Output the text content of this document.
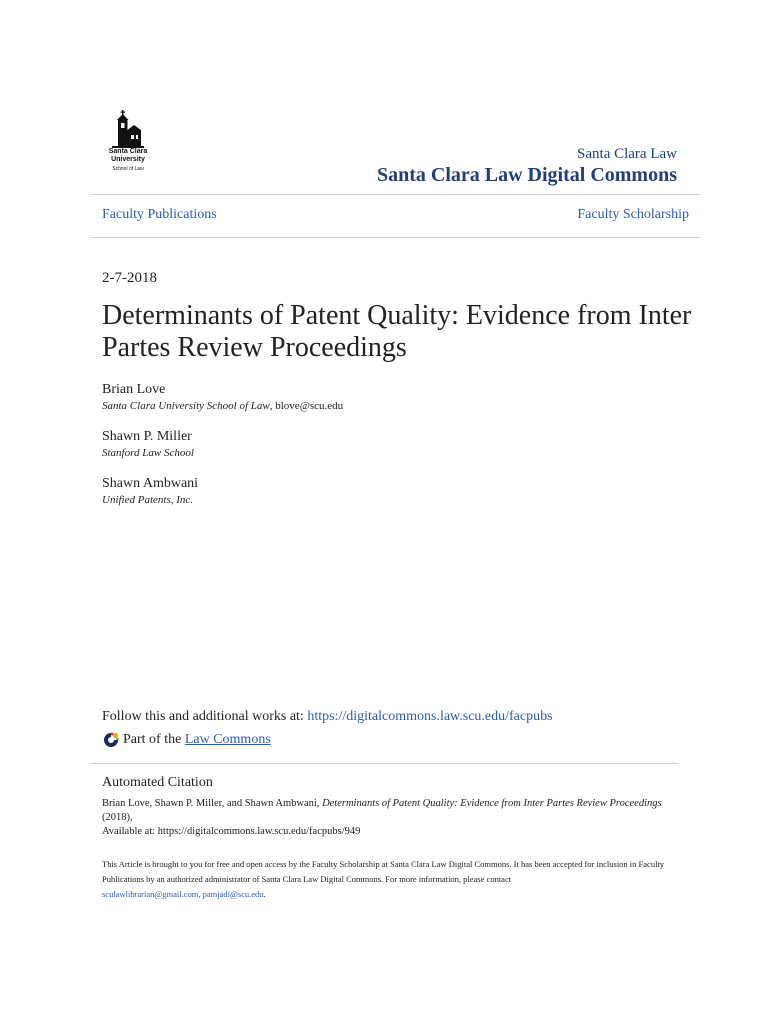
Santa Clara
University
School of Law
Santa Clara Law
Santa Clara Law Digital Commons
Faculty Publications	Faculty Scholarship
2-7-2018
Determinants of Patent Quality: Evidence from Inter Partes Review Proceedings
Brian Love
Santa Clara University School of Law, blove@scu.edu
Shawn P. Miller
Stanford Law School
Shawn Ambwani
Unified Patents, Inc.
Follow this and additional works at: https://digitalcommons.law.scu.edu/facpubs
Part of the
Law Commons
Automated Citation
Brian Love, Shawn P. Miller, and Shawn Ambwani, Determinants of Patent Quality: Evidence from Inter Partes Review Proceedings (2018),
Available at: https://digitalcommons.law.scu.edu/facpubs/949
This Article is brought to you for free and open access by the Faculty Scholarship at Santa Clara Law Digital Commons. It has been accepted for inclusion in Faculty Publications by an authorized administrator of Santa Clara Law Digital Commons. For more information, please contact
sculawlibrarian@gmail.com, pamjadi@scu.edu.
